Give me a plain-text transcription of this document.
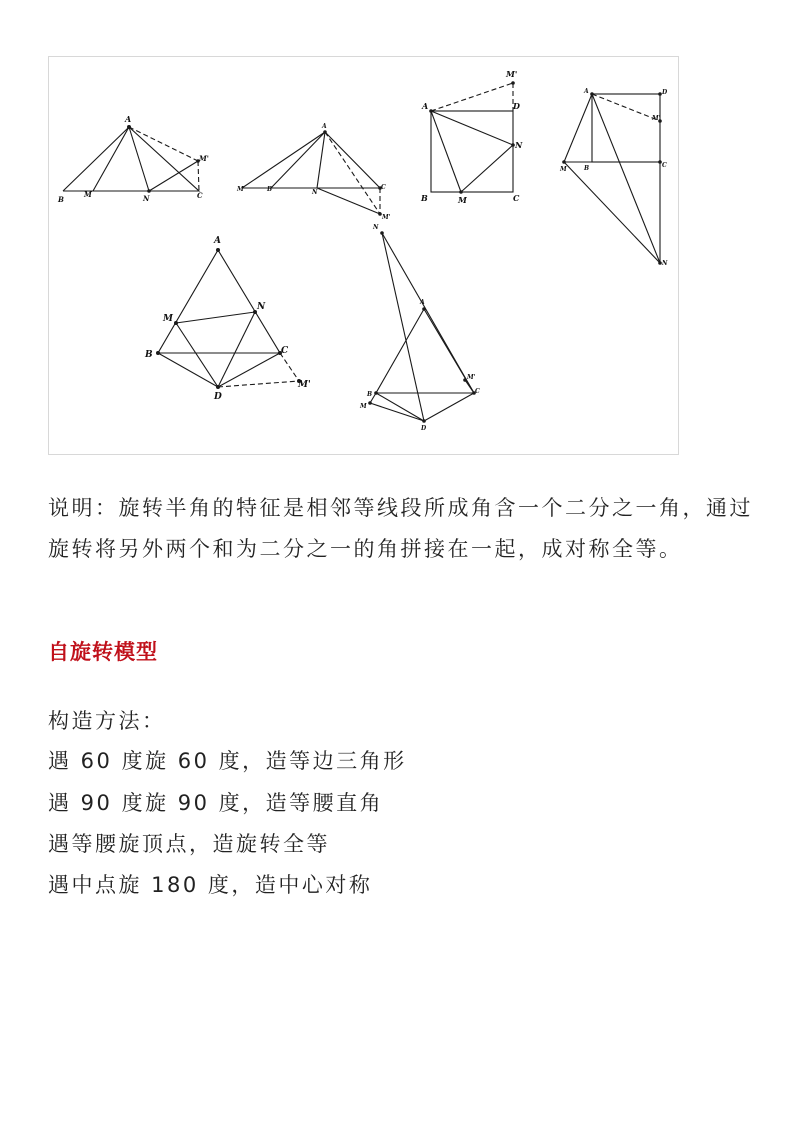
A
B	C
M	N
M'
A
B	C
M	N
M'
A
B	C
D
M
N
M'
A
B	C
D
M
N
M'
A
B	C
D
M
N
M'
A
B	C
D
M
N
M'

说明：旋转半角的特征是相邻等线段所成角含一个二分之一角，通过旋转将另外两个和为二分之一的角拼接在一起，成对称全等。

自旋转模型

构造方法：

遇 60 度旋 60 度，造等边三角形

遇 90 度旋 90 度，造等腰直角

遇等腰旋顶点，造旋转全等

遇中点旋 180 度，造中心对称
